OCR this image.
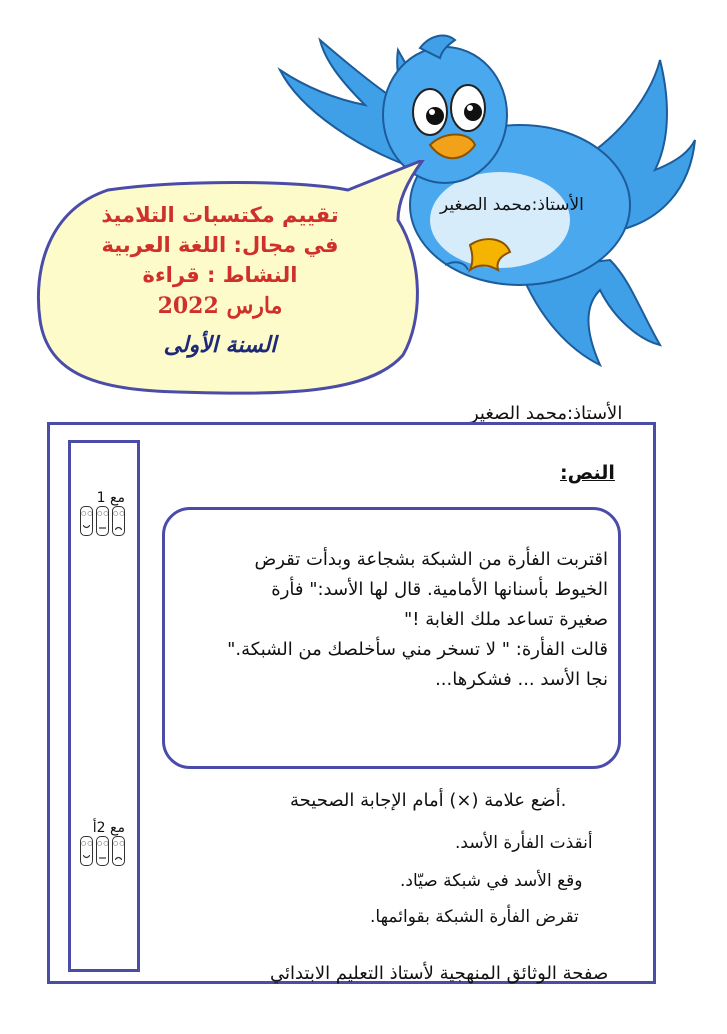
تقييم مكتسبات التلاميذ
في مجال: اللغة العربية
النشاط : قراءة
مارس 2022
السنة الأولى
الأستاذ:محمد الصغير
الأستاذ:محمد الصغير
مع 1
○○ ○○ ○○
مع 2أ
○○ ○○ ○○
النص:
اقتربت الفأرة من الشبكة بشجاعة وبدأت تقرض
الخيوط بأسنانها الأمامية. قال لها الأسد:" فأرة
صغيرة تساعد ملك الغابة !"
قالت الفأرة: " لا تسخر مني سأخلصك من الشبكة."
نجا الأسد ... فشكرها...
.أضع علامة (×) أمام الإجابة الصحيحة
أنقذت الفأرة الأسد.
وقع الأسد في شبكة صيّاد.
تقرض الفأرة الشبكة بقوائمها.
صفحة الوثائق المنهجية لأستاذ التعليم الابتدائي
